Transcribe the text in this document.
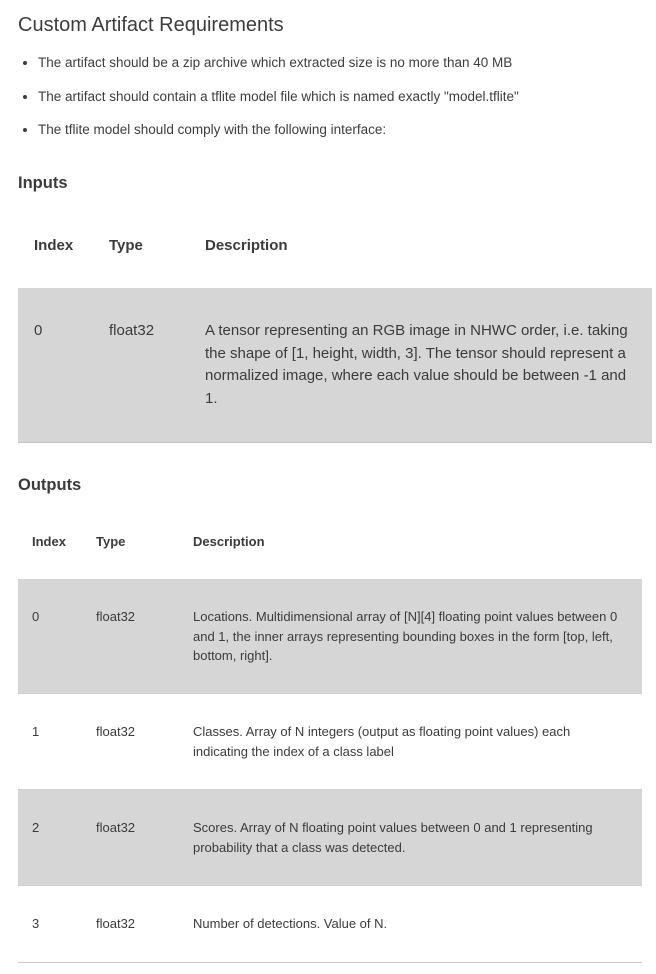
Custom Artifact Requirements
• The artifact should be a zip archive which extracted size is no more than 40 MB
• The artifact should contain a tflite model file which is named exactly "model.tflite"
• The tflite model should comply with the following interface:
Inputs
Index	Type	Description
0	float32	A tensor representing an RGB image in NHWC order, i.e. taking the shape of [1, height, width, 3]. The tensor should represent a normalized image, where each value should be between -1 and 1.
Outputs
Index	Type	Description
0	float32	Locations. Multidimensional array of [N][4] floating point values between 0 and 1, the inner arrays representing bounding boxes in the form [top, left, bottom, right].
1	float32	Classes. Array of N integers (output as floating point values) each indicating the index of a class label
2	float32	Scores. Array of N floating point values between 0 and 1 representing probability that a class was detected.
3	float32	Number of detections. Value of N.
